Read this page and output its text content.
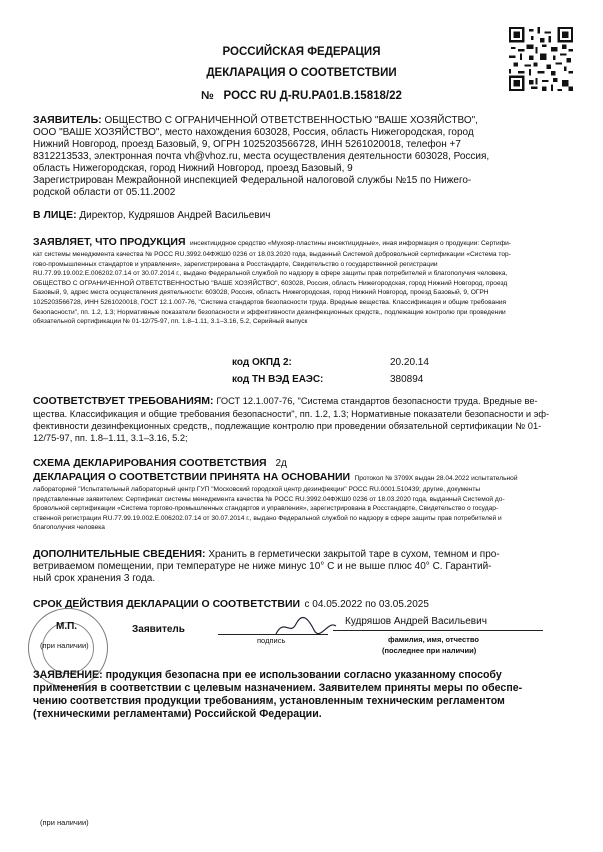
РОССИЙСКАЯ ФЕДЕРАЦИЯ
ДЕКЛАРАЦИЯ О СООТВЕТСТВИИ
№ РОСС RU Д-RU.РА01.В.15818/22
ЗАЯВИТЕЛЬ: ОБЩЕСТВО С ОГРАНИЧЕННОЙ ОТВЕТСТВЕННОСТЬЮ "ВАШЕ ХОЗЯЙСТВО",
ООО "ВАШЕ ХОЗЯЙСТВО", место нахождения 603028, Россия, область Нижегородская, город
Нижний Новгород, проезд Базовый, 9, ОГРН 1025203566728, ИНН 5261020018, телефон +7
8312213533, электронная почта vh@vhoz.ru, места осуществления деятельности 603028, Россия,
область Нижегородская, город Нижний Новгород, проезд Базовый, 9
Зарегистрирован Межрайонной инспекцией Федеральной налоговой службы №15 по Нижего-
родской области от 05.11.2002
В ЛИЦЕ: Директор, Кудряшов Андрей Васильевич
ЗАЯВЛЯЕТ, ЧТО ПРОДУКЦИЯ инсектицидное средство «Мухояр-пластины инсектицидные», иная информация о продукции: Сертифи-
кат системы менеджмента качества № РОСС RU.3992.04ФЖШ0 0236 от 18.03.2020 года, выданный Системой добровольной сертификации «Система тор-
гово-промышленных стандартов и управления», зарегистрирована в Росстандарте, Свидетельство о государственной регистрации
RU.77.99.19.002.Е.006202.07.14 от 30.07.2014 г., выдано Федеральной службой по надзору в сфере защиты прав потребителей и благополучия человека,
ОБЩЕСТВО С ОГРАНИЧЕННОЙ ОТВЕТСТВЕННОСТЬЮ "ВАШЕ ХОЗЯЙСТВО", 603028, Россия, область Нижегородская, город Нижний Новгород, проезд
Базовый, 9, адрес места осуществления деятельности: 603028, Россия, область Нижегородская, город Нижний Новгород, проезд Базовый, 9, ОГРН
1025203566728, ИНН 5261020018, ГОСТ 12.1.007-76, "Система стандартов безопасности труда. Вредные вещества. Классификация и общие требования
безопасности", пп. 1.2, 1.3; Нормативные показатели безопасности и эффективности дезинфекционных средств,, подлежащие контролю при проведении
обязательной сертификации № 01-12/75-97, пп. 1.8–1.11, 3.1–3.16, 5.2, Серийный выпуск
код ОКПД 2:	20.20.14
код ТН ВЭД ЕАЭС:	380894
СООТВЕТСТВУЕТ ТРЕБОВАНИЯМ: ГОСТ 12.1.007-76, "Система стандартов безопасности труда. Вредные ве-
щества. Классификация и общие требования безопасности", пп. 1.2, 1.3; Нормативные показатели безопасности и эф-
фективности дезинфекционных средств,, подлежащие контролю при проведении обязательной сертификации № 01-
12/75-97, пп. 1.8–1.11, 3.1–3.16, 5.2;
СХЕМА ДЕКЛАРИРОВАНИЯ СООТВЕТСТВИЯ 2д
ДЕКЛАРАЦИЯ О СООТВЕТСТВИИ ПРИНЯТА НА ОСНОВАНИИ Протокол № 3709Х выдан 28.04.2022 испытательной
лабораторией "Испытательный лабораторный центр ГУП "Московский городской центр дезинфекции" РОСС RU.0001.510439; другие, документы
представленные заявителем: Сертификат системы менеджмента качества № РОСС RU.3992.04ФЖШ0 0236 от 18.03.2020 года, выданный Системой до-
бровольной сертификации «Система торгово-промышленных стандартов и управления», зарегистрирована в Росстандарте, Свидетельство о государ-
ственной регистрации RU.77.99.19.002.Е.006202.07.14 от 30.07.2014 г., выдано Федеральной службой по надзору в сфере защиты прав потребителей и
благополучия человека
ДОПОЛНИТЕЛЬНЫЕ СВЕДЕНИЯ: Хранить в герметически закрытой таре в сухом, темном и про-
ветриваемом помещении, при температуре не ниже минус 10° С и не выше плюс 40° С. Гарантий-
ный срок хранения 3 года.
СРОК ДЕЙСТВИЯ ДЕКЛАРАЦИИ О СООТВЕТСТВИИ с 04.05.2022 по 03.05.2025
М.П.
(при наличии)
Заявитель
подпись
Кудряшов Андрей Васильевич
фамилия, имя, отчество
(последнее при наличии)
ЗАЯВЛЕНИЕ: продукция безопасна при ее использовании согласно указанному способу
применения в соответствии с целевым назначением. Заявителем приняты меры по обеспе-
чению соответствия продукции требованиям, установленным техническим регламентом
(техническими регламентами) Российской Федерации.
(при наличии)
